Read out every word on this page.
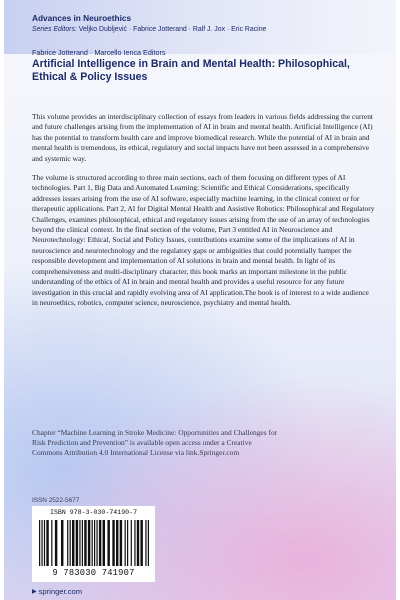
Advances in Neuroethics
Series Editors: Veljko Dubljević · Fabrice Jotterand · Ralf J. Jox · Eric Racine
Fabrice Jotterand · Marcello Ienca Editors
Artificial Intelligence in Brain and Mental Health: Philosophical, Ethical & Policy Issues

This volume provides an interdisciplinary collection of essays from leaders in various fields addressing the current and future challenges arising from the implementation of AI in brain and mental health. Artificial Intelligence (AI) has the potential to transform health care and improve biomedical research. While the potential of AI in brain and mental health is tremendous, its ethical, regulatory and social impacts have not been assessed in a comprehensive and systemic way.

The volume is structured according to three main sections, each of them focusing on different types of AI technologies. Part 1, Big Data and Automated Learning: Scientific and Ethical Considerations, specifically addresses issues arising from the use of AI software, especially machine learning, in the clinical context or for therapeutic applications. Part 2, AI for Digital Mental Health and Assistive Robotics: Philosophical and Regulatory Challenges, examines philosophical, ethical and regulatory issues arising from the use of an array of technologies beyond the clinical context. In the final section of the volume, Part 3 entitled AI in Neuroscience and Neurotechnology: Ethical, Social and Policy Issues, contributions examine some of the implications of AI in neuroscience and neurotechnology and the regulatory gaps or ambiguities that could potentially hamper the responsible development and implementation of AI solutions in brain and mental health. In light of its comprehensiveness and multi-disciplinary character, this book marks an important milestone in the public understanding of the ethics of AI in brain and mental health and provides a useful resource for any future investigation in this crucial and rapidly evolving area of AI application.The book is of interest to a wide audience in neuroethics, robotics, computer science, neuroscience, psychiatry and mental health.

Chapter “Machine Learning in Stroke Medicine: Opportunities and Challenges for Risk Prediction and Prevention” is available open access under a Creative Commons Attribution 4.0 International License via link.Springer.com

ISSN 2522-5677
ISBN 978-3-030-74190-7
9 783030 741907
▶ springer.com
